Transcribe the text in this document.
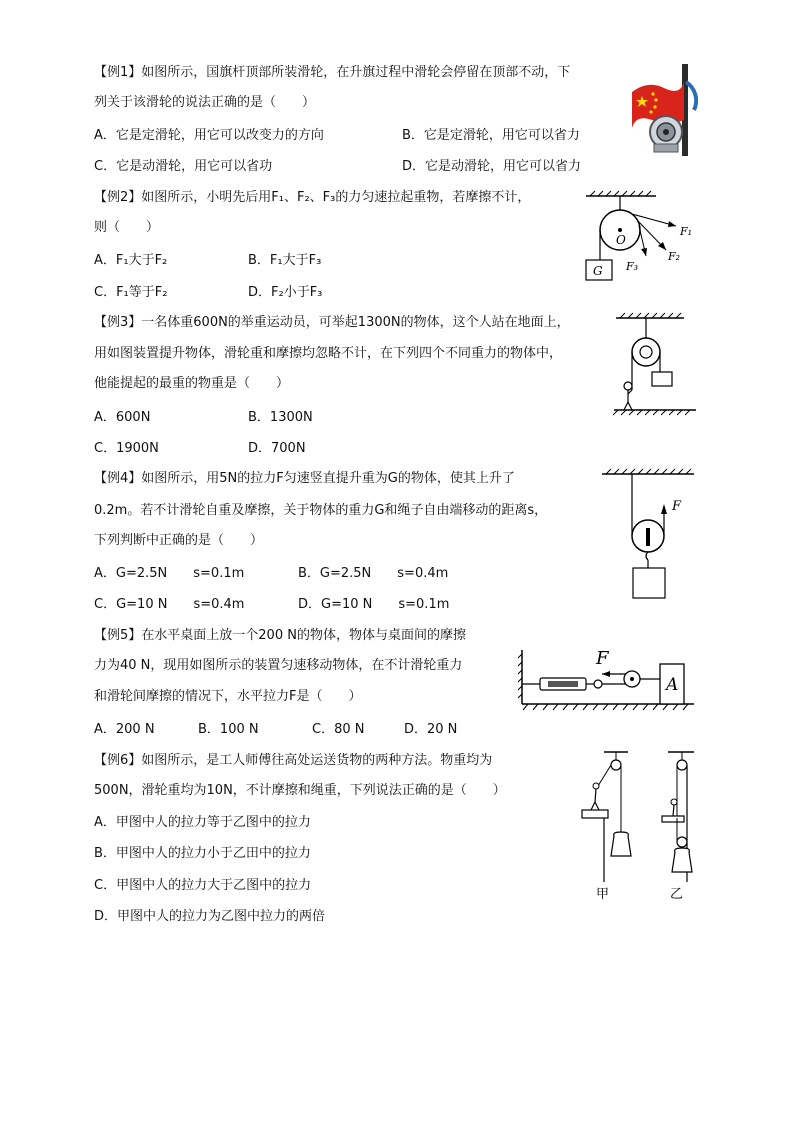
【例1】如图所示，国旗杆顶部所装滑轮，在升旗过程中滑轮会停留在顶部不动，下
列关于该滑轮的说法正确的是（　　）
A．它是定滑轮，用它可以改变力的方向	B．它是定滑轮，用它可以省力
C．它是动滑轮，用它可以省功	D．它是动滑轮，用它可以省力
【例2】如图所示，小明先后用F₁、F₂、F₃的力匀速拉起重物，若摩擦不计，
则（　　）
A．F₁大于F₂	B．F₁大于F₃
C．F₁等于F₂	D．F₂小于F₃
O
G
F₁
F₂
F₃
【例3】一名体重600N的举重运动员，可举起1300N的物体，这个人站在地面上，
用如图装置提升物体，滑轮重和摩擦均忽略不计，在下列四个不同重力的物体中，
他能提起的最重的物重是（　　）
A．600N	B．1300N
C．1900N	D．700N
【例4】如图所示，用5N的拉力F匀速竖直提升重为G的物体，使其上升了
0.2m。若不计滑轮自重及摩擦，关于物体的重力G和绳子自由端移动的距离s，
下列判断中正确的是（　　）
A．G=2.5N　　s=0.1m	B．G=2.5N　　s=0.4m
C．G=10 N　　s=0.4m	D．G=10 N　　s=0.1m
F
【例5】在水平桌面上放一个200 N的物体，物体与桌面间的摩擦
力为40 N，现用如图所示的装置匀速移动物体，在不计滑轮重力
和滑轮间摩擦的情况下，水平拉力F是（　　）
A．200 N	B．100 N	C．80 N	D．20 N
F
A
【例6】如图所示，是工人师傅往高处运送货物的两种方法。物重均为
500N，滑轮重均为10N，不计摩擦和绳重，下列说法正确的是（　　）
A．甲图中人的拉力等于乙图中的拉力
B．甲图中人的拉力小于乙田中的拉力
C．甲图中人的拉力大于乙图中的拉力
D．甲图中人的拉力为乙图中拉力的两倍
甲	乙
